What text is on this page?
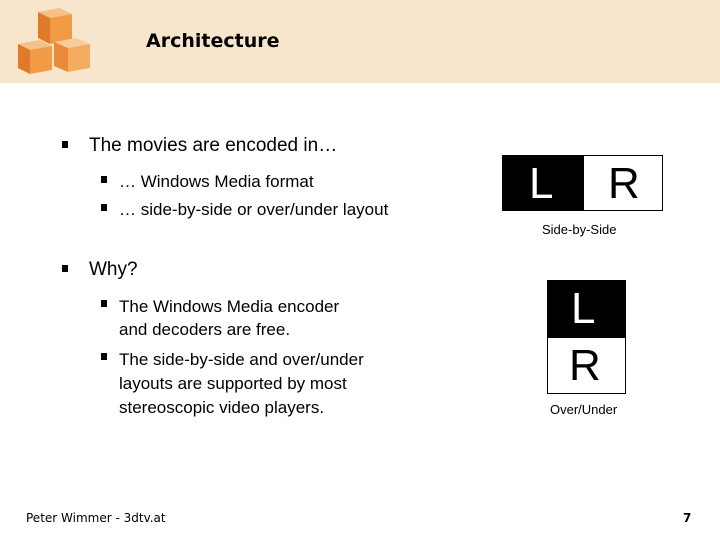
Architecture
The movies are encoded in…
… Windows Media format
… side-by-side or over/under layout
Why?
The Windows Media encoder
and decoders are free.
The side-by-side and over/under
layouts are supported by most
stereoscopic video players.
L R
Side-by-Side
L
R
Over/Under
Peter Wimmer - 3dtv.at	7
